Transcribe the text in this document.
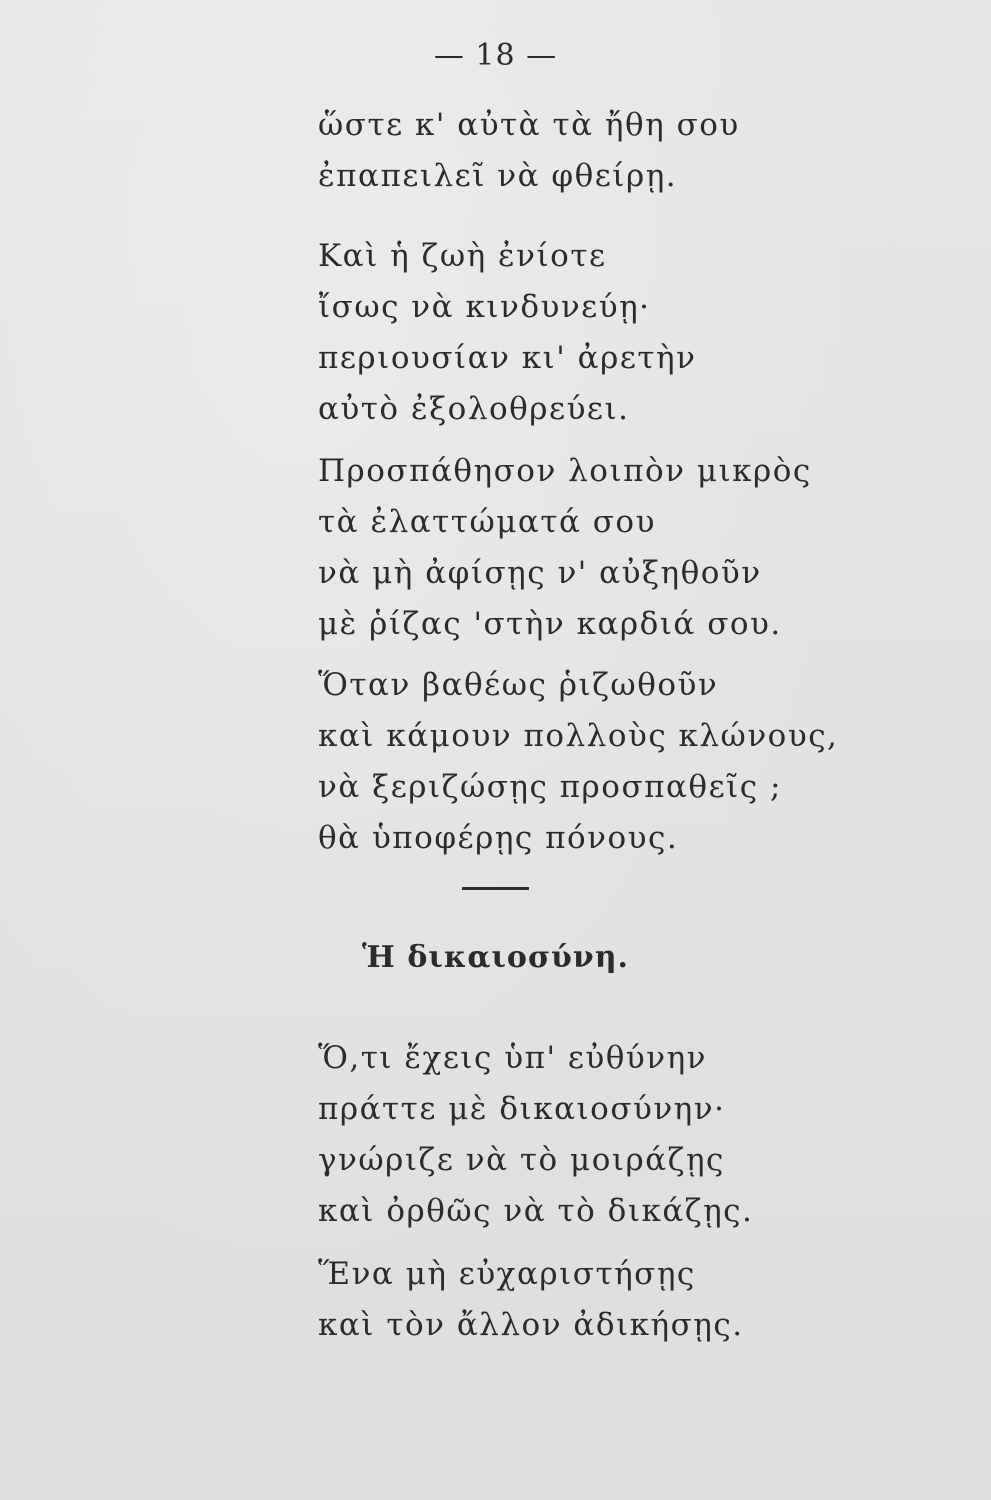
— 18 —
ὥστε κ' αὐτὰ τὰ ἤθη σου
ἐπαπειλεῖ νὰ φθείρῃ.
Καὶ ἡ ζωὴ ἐνίοτε
ἴσως νὰ κινδυνεύῃ·
περιουσίαν κι' ἀρετὴν
αὐτὸ ἐξολοθρεύει.
Προσπάθησον λοιπὸν μικρὸς
τὰ ἐλαττώματά σου
νὰ μὴ ἀφίσῃς ν' αὐξηθοῦν
μὲ ῥίζας 'στὴν καρδιά σου.
Ὅταν βαθέως ῥιζωθοῦν
καὶ κάμουν πολλοὺς κλώνους,
νὰ ξεριζώσῃς προσπαθεῖς ;
θὰ ὑποφέρῃς πόνους.
Ἡ δικαιοσύνη.
Ὅ,τι ἔχεις ὑπ' εὐθύνην
πράττε μὲ δικαιοσύνην·
γνώριζε νὰ τὸ μοιράζῃς
καὶ ὀρθῶς νὰ τὸ δικάζῃς.
Ἕνα μὴ εὐχαριστήσῃς
καὶ τὸν ἄλλον ἀδικήσῃς.
